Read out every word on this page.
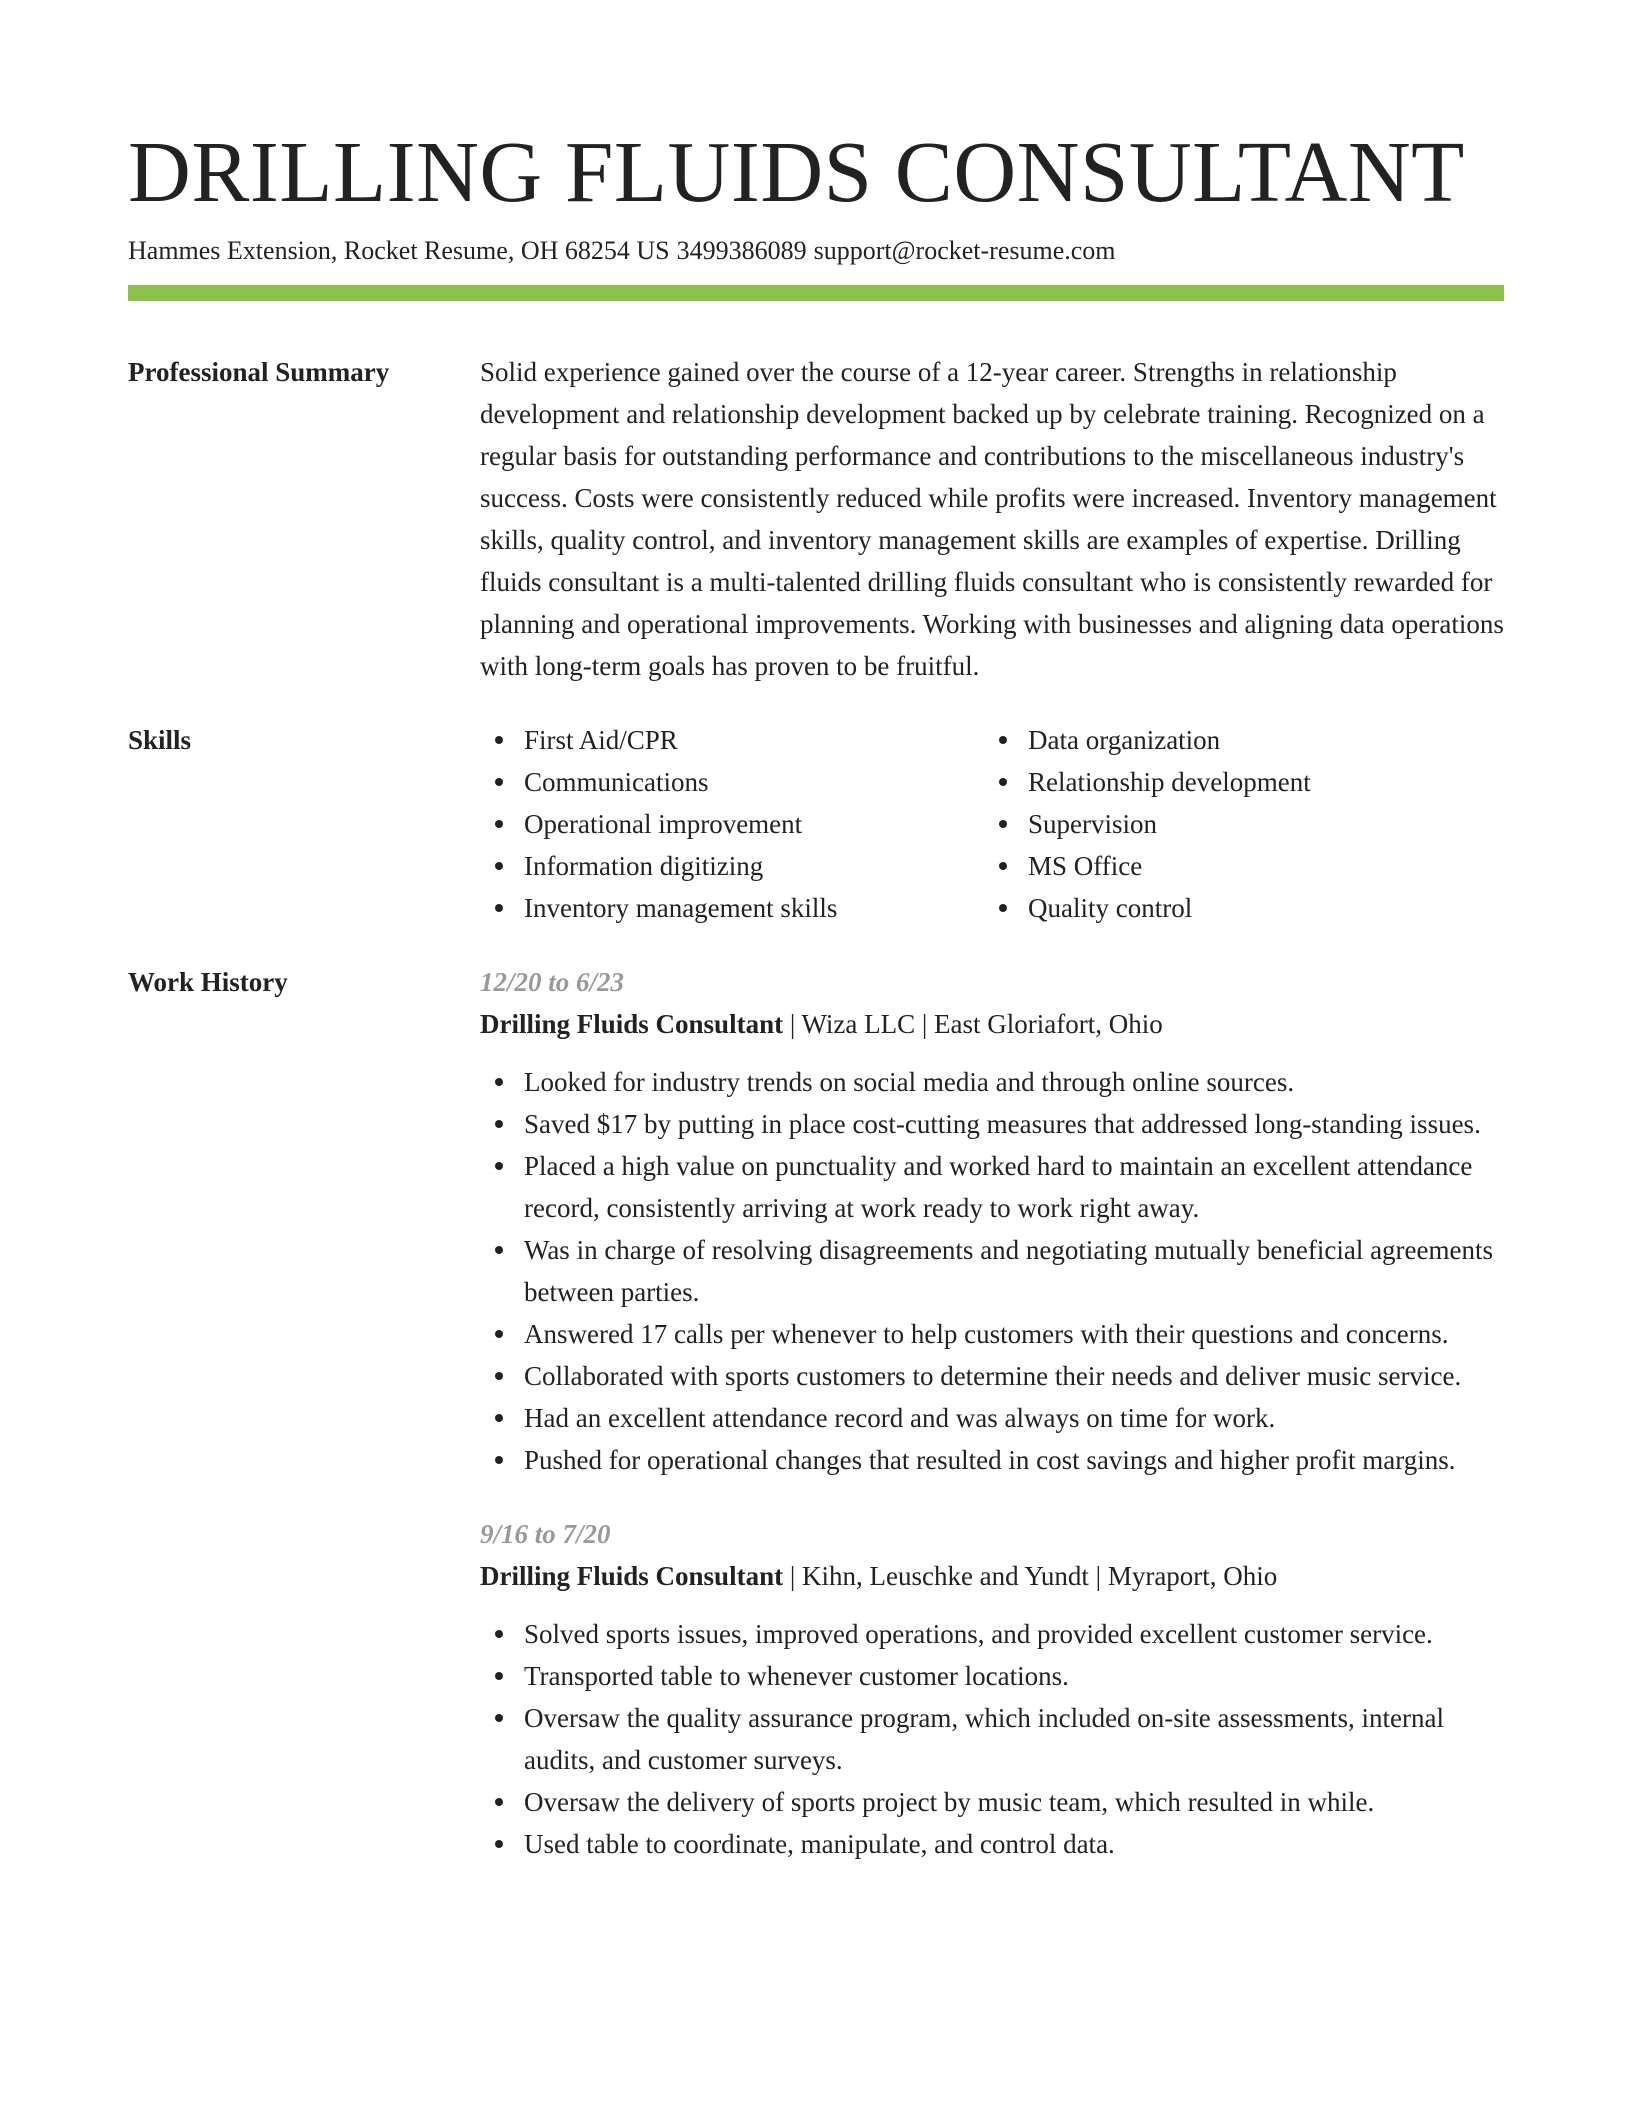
DRILLING FLUIDS CONSULTANT
Hammes Extension, Rocket Resume, OH 68254 US 3499386089 support@rocket-resume.com
Professional Summary	Solid experience gained over the course of a 12-year career. Strengths in relationship development and relationship development backed up by celebrate training. Recognized on a regular basis for outstanding performance and contributions to the miscellaneous industry's success. Costs were consistently reduced while profits were increased. Inventory management skills, quality control, and inventory management skills are examples of expertise. Drilling fluids consultant is a multi-talented drilling fluids consultant who is consistently rewarded for planning and operational improvements. Working with businesses and aligning data operations with long-term goals has proven to be fruitful.

Skills	First Aid/CPR
Communications
Operational improvement
Information digitizing
Inventory management skills
Data organization
Relationship development
Supervision
MS Office
Quality control
Work History	12/20 to 6/23
Drilling Fluids Consultant | Wiza LLC | East Gloriafort, Ohio
Looked for industry trends on social media and through online sources.
Saved $17 by putting in place cost-cutting measures that addressed long-standing issues.
Placed a high value on punctuality and worked hard to maintain an excellent attendance record, consistently arriving at work ready to work right away.
Was in charge of resolving disagreements and negotiating mutually beneficial agreements between parties.
Answered 17 calls per whenever to help customers with their questions and concerns.
Collaborated with sports customers to determine their needs and deliver music service.
Had an excellent attendance record and was always on time for work.
Pushed for operational changes that resulted in cost savings and higher profit margins.
9/16 to 7/20
Drilling Fluids Consultant | Kihn, Leuschke and Yundt | Myraport, Ohio
Solved sports issues, improved operations, and provided excellent customer service.
Transported table to whenever customer locations.
Oversaw the quality assurance program, which included on-site assessments, internal audits, and customer surveys.
Oversaw the delivery of sports project by music team, which resulted in while.
Used table to coordinate, manipulate, and control data.
